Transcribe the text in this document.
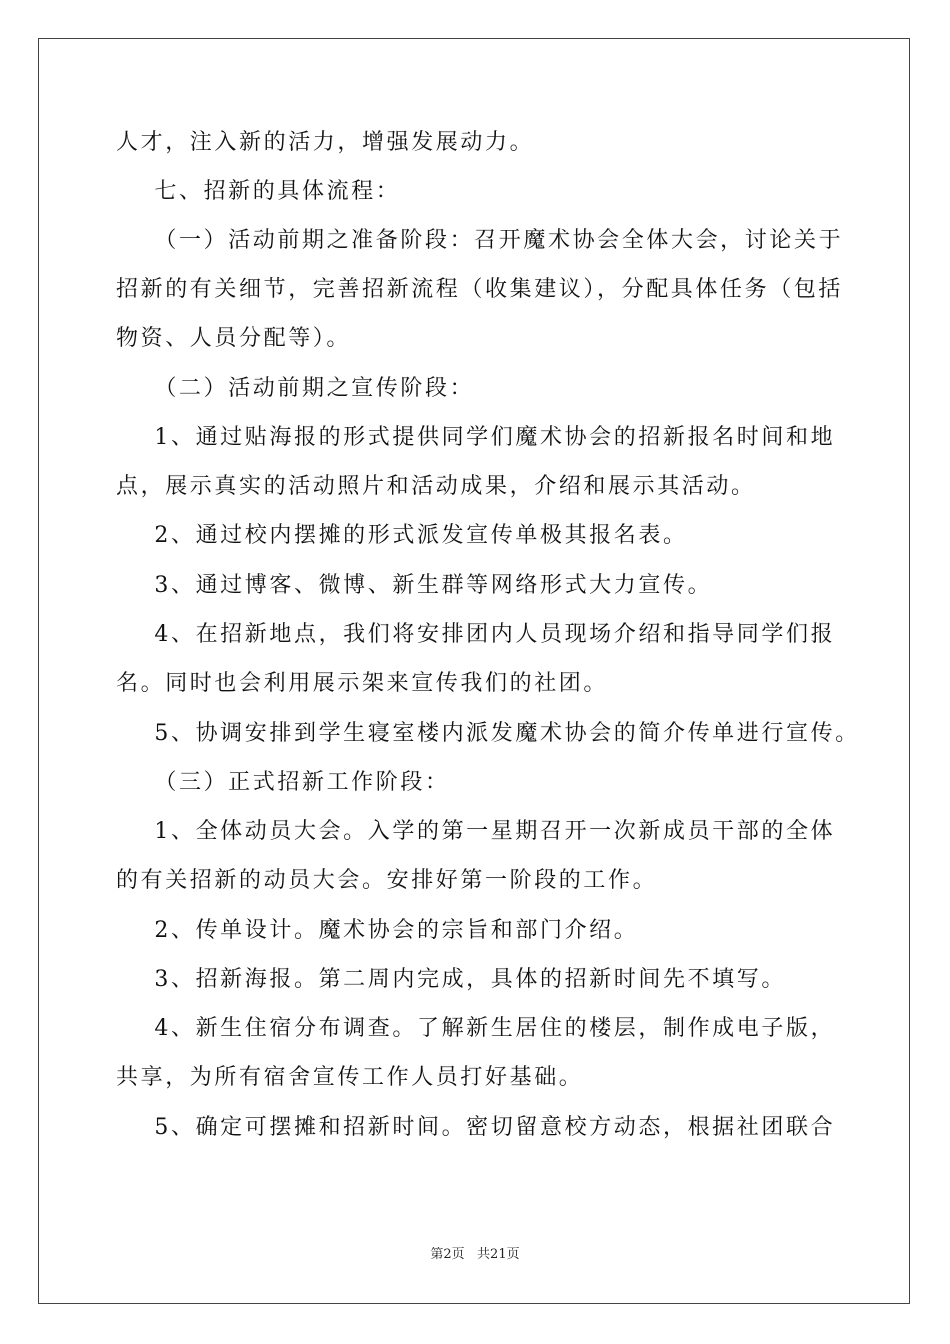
人才，注入新的活力，增强发展动力。
七、招新的具体流程：
（一）活动前期之准备阶段：召开魔术协会全体大会，讨论关于
招新的有关细节，完善招新流程（收集建议），分配具体任务（包括
物资、人员分配等）。
（二）活动前期之宣传阶段：
1、通过贴海报的形式提供同学们魔术协会的招新报名时间和地
点，展示真实的活动照片和活动成果，介绍和展示其活动。
2、通过校内摆摊的形式派发宣传单极其报名表。
3、通过博客、微博、新生群等网络形式大力宣传。
4、在招新地点，我们将安排团内人员现场介绍和指导同学们报
名。同时也会利用展示架来宣传我们的社团。
5、协调安排到学生寝室楼内派发魔术协会的简介传单进行宣传。
（三）正式招新工作阶段：
1、全体动员大会。入学的第一星期召开一次新成员干部的全体
的有关招新的动员大会。安排好第一阶段的工作。
2、传单设计。魔术协会的宗旨和部门介绍。
3、招新海报。第二周内完成，具体的招新时间先不填写。
4、新生住宿分布调查。了解新生居住的楼层，制作成电子版，
共享，为所有宿舍宣传工作人员打好基础。
5、确定可摆摊和招新时间。密切留意校方动态，根据社团联合
第2页   共21页
